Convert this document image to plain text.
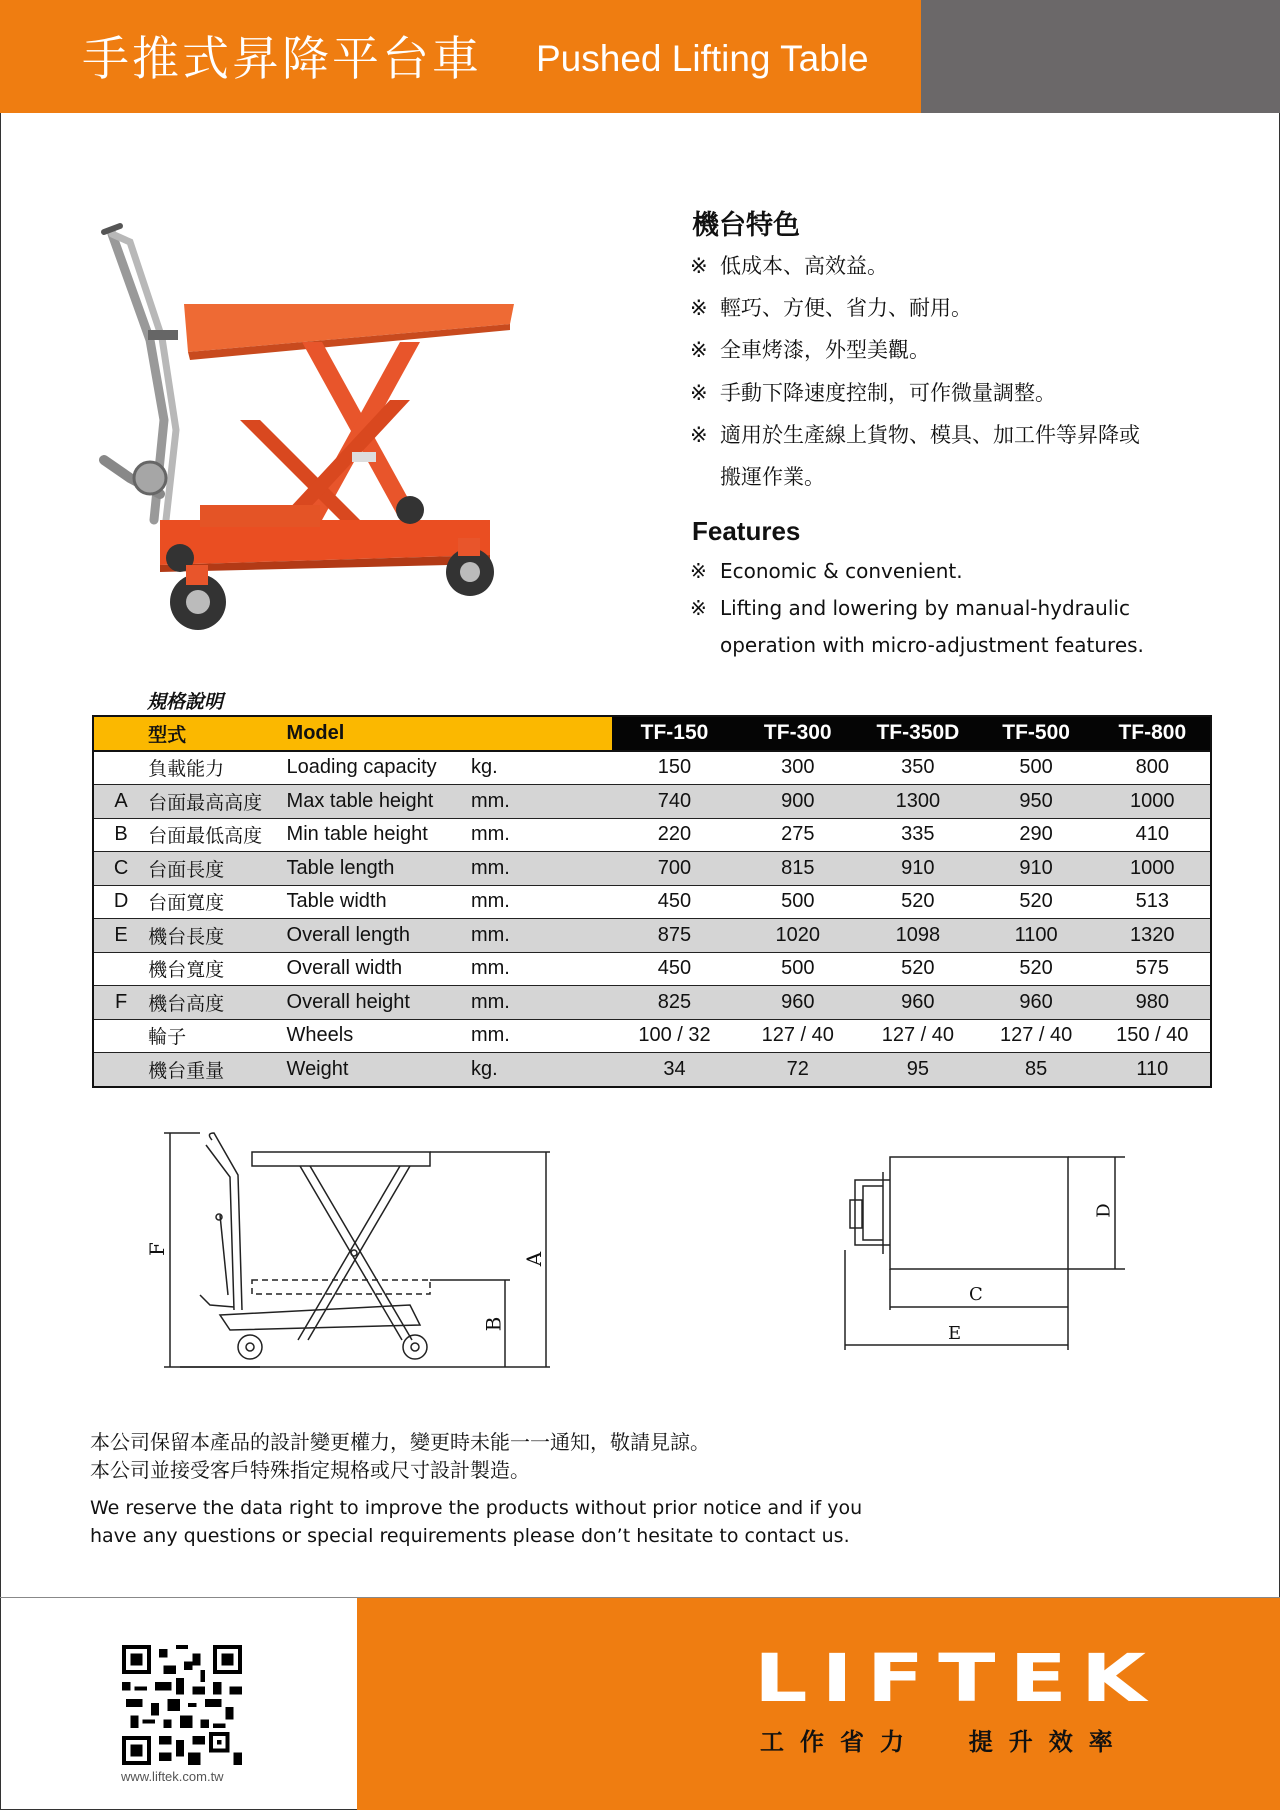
手推式昇降平台車 Pushed Lifting Table
機台特色
※ 低成本、高效益。
※ 輕巧、方便、省力、耐用。
※ 全車烤漆，外型美觀。
※ 手動下降速度控制，可作微量調整。
※ 適用於生產線上貨物、模具、加工件等昇降或
搬運作業。
Features
※ Economic & convenient.
※ Lifting and lowering by manual-hydraulic
operation with micro-adjustment features.
規格說明
	型式	Model		TF-150	TF-300	TF-350D	TF-500	TF-800
	負載能力	Loading capacity	kg.	150	300	350	500	800
A	台面最高高度	Max table height	mm.	740	900	1300	950	1000
B	台面最低高度	Min table height	mm.	220	275	335	290	410
C	台面長度	Table length	mm.	700	815	910	910	1000
D	台面寬度	Table width	mm.	450	500	520	520	513
E	機台長度	Overall length	mm.	875	1020	1098	1100	1320
	機台寬度	Overall width	mm.	450	500	520	520	575
F	機台高度	Overall height	mm.	825	960	960	960	980
	輪子	Wheels	mm.	100 / 32	127 / 40	127 / 40	127 / 40	150 / 40
	機台重量	Weight	kg.	34	72	95	85	110
F
A
B
D
C
E
本公司保留本產品的設計變更權力，變更時未能一一通知，敬請見諒。
本公司並接受客戶特殊指定規格或尺寸設計製造。
We reserve the data right to improve the products without prior notice and if you
have any questions or special requirements please don’t hesitate to contact us.
www.liftek.com.tw
LIFTEK
工作省力  提升效率
